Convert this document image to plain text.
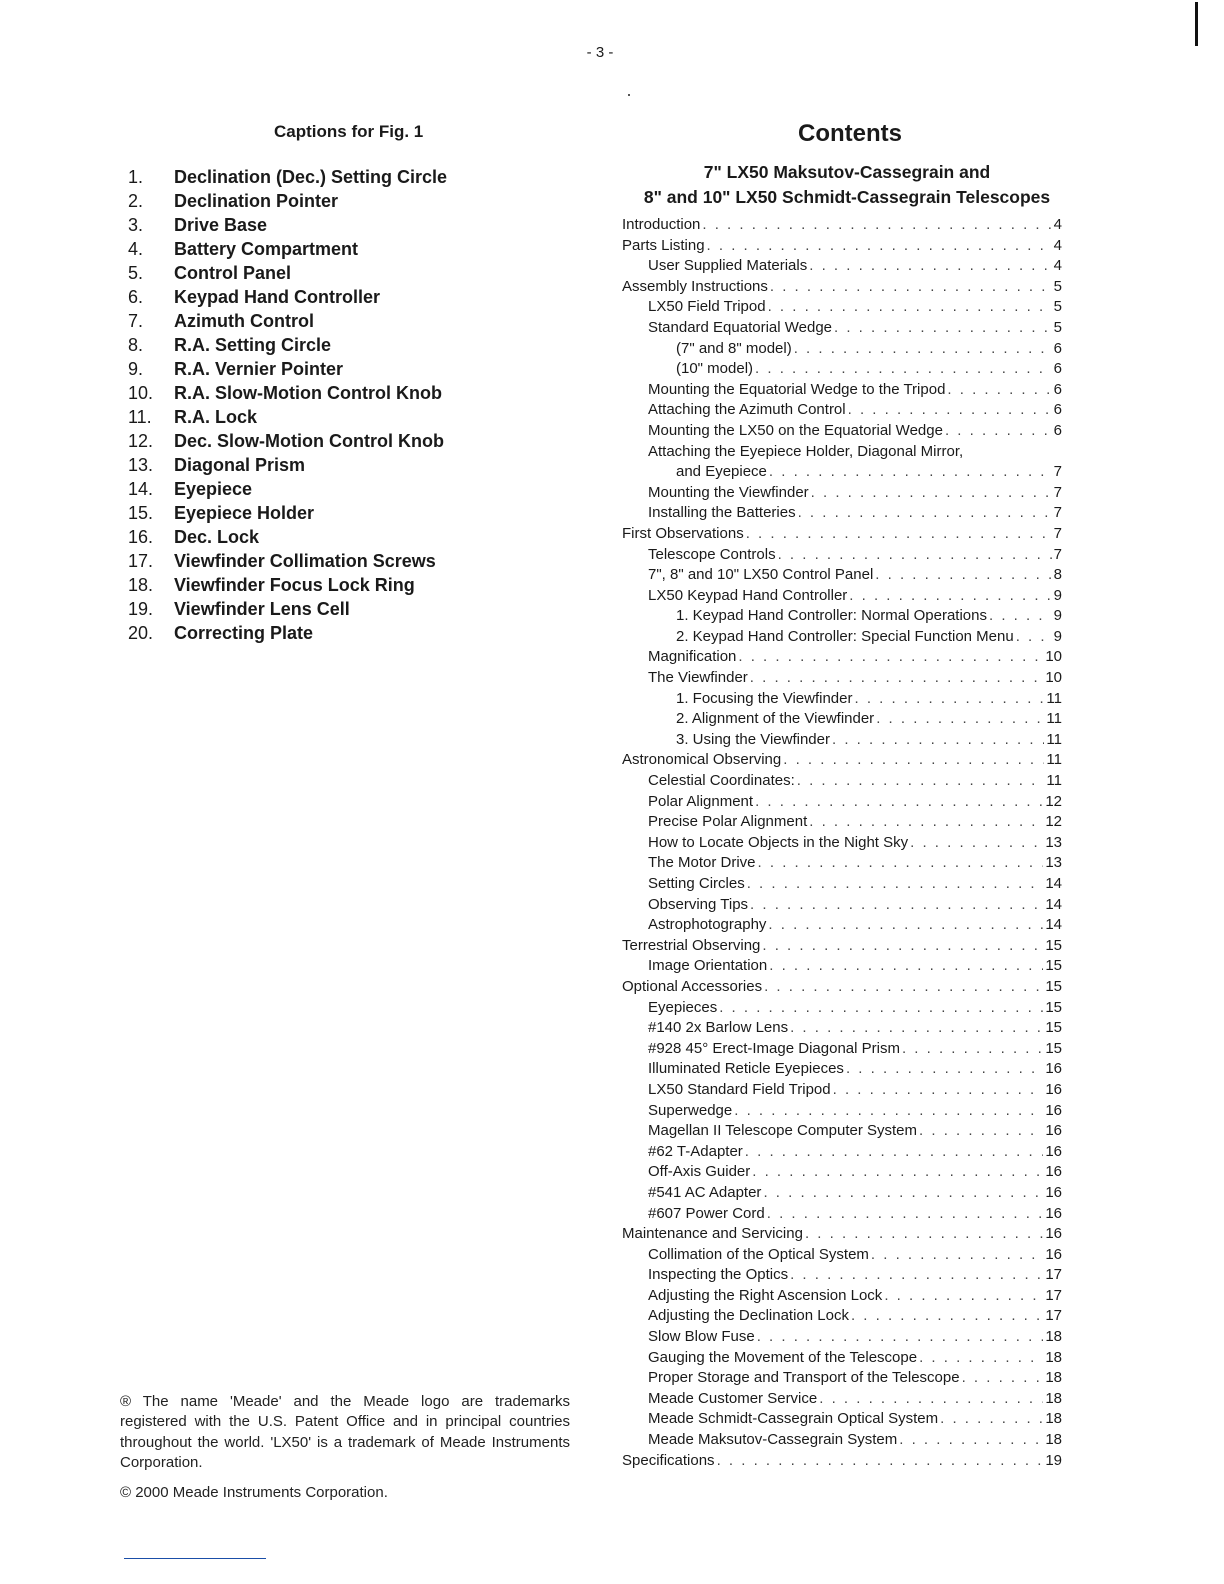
- 3 -
Captions for Fig. 1
1. Declination (Dec.) Setting Circle
2. Declination Pointer
3. Drive Base
4. Battery Compartment
5. Control Panel
6. Keypad Hand Controller
7. Azimuth Control
8. R.A. Setting Circle
9. R.A. Vernier Pointer
10. R.A. Slow-Motion Control Knob
11. R.A. Lock
12. Dec. Slow-Motion Control Knob
13. Diagonal Prism
14. Eyepiece
15. Eyepiece Holder
16. Dec. Lock
17. Viewfinder Collimation Screws
18. Viewfinder Focus Lock Ring
19. Viewfinder Lens Cell
20. Correcting Plate
® The name 'Meade' and the Meade logo are trademarks registered with the U.S. Patent Office and in principal countries throughout the world. 'LX50' is a trademark of Meade Instruments Corporation.
© 2000 Meade Instruments Corporation.
Contents
7" LX50 Maksutov-Cassegrain and
8" and 10" LX50 Schmidt-Cassegrain Telescopes
Introduction . . .	4
Parts Listing . . .	4
User Supplied Materials . . .	4
Assembly Instructions . . .	5
LX50 Field Tripod . . .	5
Standard Equatorial Wedge . . .	5
(7" and 8" model) . . .	6
(10" model) . . .	6
Mounting the Equatorial Wedge to the Tripod . . .	6
Attaching the Azimuth Control . . .	6
Mounting the LX50 on the Equatorial Wedge . . .	6
Attaching the Eyepiece Holder, Diagonal Mirror,
and Eyepiece . . .	7
Mounting the Viewfinder . . .	7
Installing the Batteries . . .	7
First Observations . . .	7
Telescope Controls . . .	7
7", 8" and 10" LX50 Control Panel . . .	8
LX50 Keypad Hand Controller . . .	9
1. Keypad Hand Controller: Normal Operations . . .	9
2. Keypad Hand Controller: Special Function Menu . . .	9
Magnification . . .	10
The Viewfinder . . .	10
1. Focusing the Viewfinder . . .	11
2. Alignment of the Viewfinder . . .	11
3. Using the Viewfinder . . .	11
Astronomical Observing . . .	11
Celestial Coordinates: . . .	11
Polar Alignment . . .	12
Precise Polar Alignment . . .	12
How to Locate Objects in the Night Sky . . .	13
The Motor Drive . . .	13
Setting Circles . . .	14
Observing Tips . . .	14
Astrophotography . . .	14
Terrestrial Observing . . .	15
Image Orientation . . .	15
Optional Accessories . . .	15
Eyepieces . . .	15
#140 2x Barlow Lens . . .	15
#928 45° Erect-Image Diagonal Prism . . .	15
Illuminated Reticle Eyepieces . . .	16
LX50 Standard Field Tripod . . .	16
Superwedge . . .	16
Magellan II Telescope Computer System . . .	16
#62 T-Adapter . . .	16
Off-Axis Guider . . .	16
#541 AC Adapter . . .	16
#607 Power Cord . . .	16
Maintenance and Servicing . . .	16
Collimation of the Optical System . . .	16
Inspecting the Optics . . .	17
Adjusting the Right Ascension Lock . . .	17
Adjusting the Declination Lock . . .	17
Slow Blow Fuse . . .	18
Gauging the Movement of the Telescope . . .	18
Proper Storage and Transport of the Telescope . . .	18
Meade Customer Service . . .	18
Meade Schmidt-Cassegrain Optical System . . .	18
Meade Maksutov-Cassegrain System . . .	18
Specifications . . .	19
